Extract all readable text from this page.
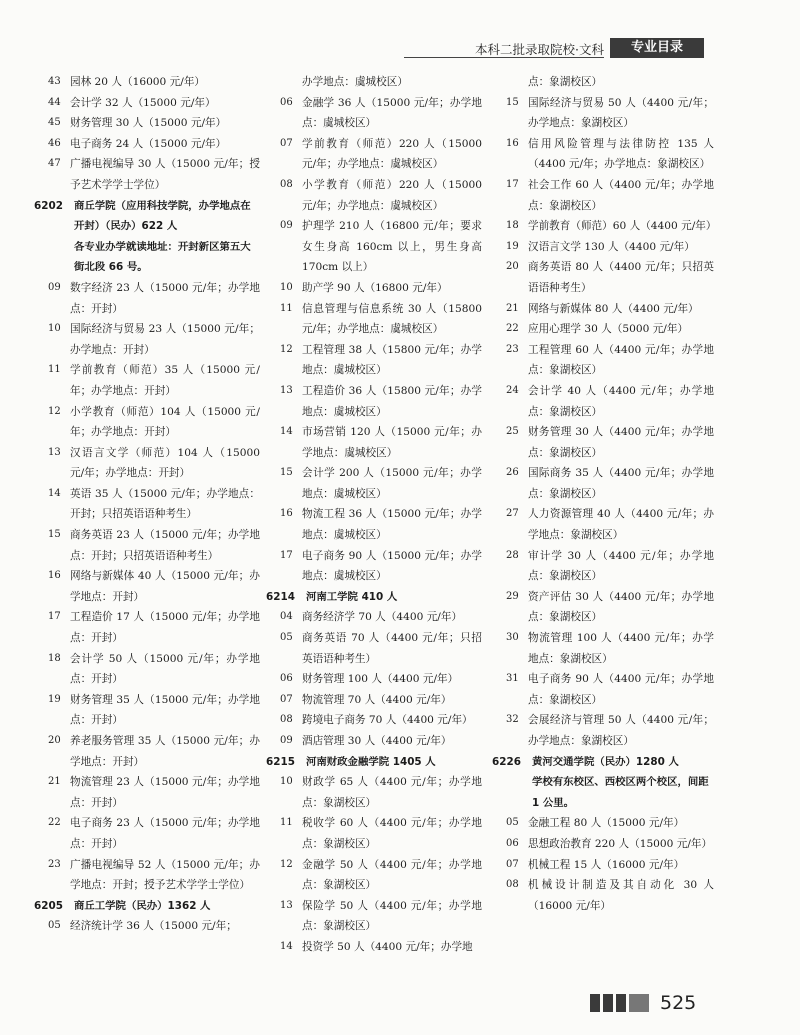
本科二批录取院校·文科	专业目录
43 园林 20 人（16000 元/年）
44 会计学 32 人（15000 元/年）
45 财务管理 30 人（15000 元/年）
46 电子商务 24 人（15000 元/年）
47 广播电视编导 30 人（15000 元/年；授予艺术学学士学位）
6202 商丘学院（应用科技学院，办学地点在开封）（民办）622 人
各专业办学就读地址：开封新区第五大街北段 66 号。
09 数字经济 23 人（15000 元/年；办学地点：开封）
10 国际经济与贸易 23 人（15000 元/年；办学地点：开封）
11 学前教育（师范）35 人（15000 元/年；办学地点：开封）
12 小学教育（师范）104 人（15000 元/年；办学地点：开封）
13 汉语言文学（师范）104 人（15000 元/年；办学地点：开封）
14 英语 35 人（15000 元/年；办学地点：开封；只招英语语种考生）
15 商务英语 23 人（15000 元/年；办学地点：开封；只招英语语种考生）
16 网络与新媒体 40 人（15000 元/年；办学地点：开封）
17 工程造价 17 人（15000 元/年；办学地点：开封）
18 会计学 50 人（15000 元/年；办学地点：开封）
19 财务管理 35 人（15000 元/年；办学地点：开封）
20 养老服务管理 35 人（15000 元/年；办学地点：开封）
21 物流管理 23 人（15000 元/年；办学地点：开封）
22 电子商务 23 人（15000 元/年；办学地点：开封）
23 广播电视编导 52 人（15000 元/年；办学地点：开封；授予艺术学学士学位）
6205 商丘工学院（民办）1362 人
05 经济统计学 36 人（15000 元/年；
办学地点：虞城校区）
06 金融学 36 人（15000 元/年；办学地点：虞城校区）
07 学前教育（师范）220 人（15000 元/年；办学地点：虞城校区）
08 小学教育（师范）220 人（15000 元/年；办学地点：虞城校区）
09 护理学 210 人（16800 元/年；要求女生身高 160cm 以上，男生身高 170cm 以上）
10 助产学 90 人（16800 元/年）
11 信息管理与信息系统 30 人（15800 元/年；办学地点：虞城校区）
12 工程管理 38 人（15800 元/年；办学地点：虞城校区）
13 工程造价 36 人（15800 元/年；办学地点：虞城校区）
14 市场营销 120 人（15000 元/年；办学地点：虞城校区）
15 会计学 200 人（15000 元/年；办学地点：虞城校区）
16 物流工程 36 人（15000 元/年；办学地点：虞城校区）
17 电子商务 90 人（15000 元/年；办学地点：虞城校区）
6214 河南工学院 410 人
04 商务经济学 70 人（4400 元/年）
05 商务英语 70 人（4400 元/年；只招英语语种考生）
06 财务管理 100 人（4400 元/年）
07 物流管理 70 人（4400 元/年）
08 跨境电子商务 70 人（4400 元/年）
09 酒店管理 30 人（4400 元/年）
6215 河南财政金融学院 1405 人
10 财政学 65 人（4400 元/年；办学地点：象湖校区）
11 税收学 60 人（4400 元/年；办学地点：象湖校区）
12 金融学 50 人（4400 元/年；办学地点：象湖校区）
13 保险学 50 人（4400 元/年；办学地点：象湖校区）
14 投资学 50 人（4400 元/年；办学地
点：象湖校区）
15 国际经济与贸易 50 人（4400 元/年；办学地点：象湖校区）
16 信用风险管理与法律防控 135 人（4400 元/年；办学地点：象湖校区）
17 社会工作 60 人（4400 元/年；办学地点：象湖校区）
18 学前教育（师范）60 人（4400 元/年）
19 汉语言文学 130 人（4400 元/年）
20 商务英语 80 人（4400 元/年；只招英语语种考生）
21 网络与新媒体 80 人（4400 元/年）
22 应用心理学 30 人（5000 元/年）
23 工程管理 60 人（4400 元/年；办学地点：象湖校区）
24 会计学 40 人（4400 元/年；办学地点：象湖校区）
25 财务管理 30 人（4400 元/年；办学地点：象湖校区）
26 国际商务 35 人（4400 元/年；办学地点：象湖校区）
27 人力资源管理 40 人（4400 元/年；办学地点：象湖校区）
28 审计学 30 人（4400 元/年；办学地点：象湖校区）
29 资产评估 30 人（4400 元/年；办学地点：象湖校区）
30 物流管理 100 人（4400 元/年；办学地点：象湖校区）
31 电子商务 90 人（4400 元/年；办学地点：象湖校区）
32 会展经济与管理 50 人（4400 元/年；办学地点：象湖校区）
6226 黄河交通学院（民办）1280 人
学校有东校区、西校区两个校区，间距 1 公里。
05 金融工程 80 人（15000 元/年）
06 思想政治教育 220 人（15000 元/年）
07 机械工程 15 人（16000 元/年）
08 机械设计制造及其自动化 30 人（16000 元/年）
525
